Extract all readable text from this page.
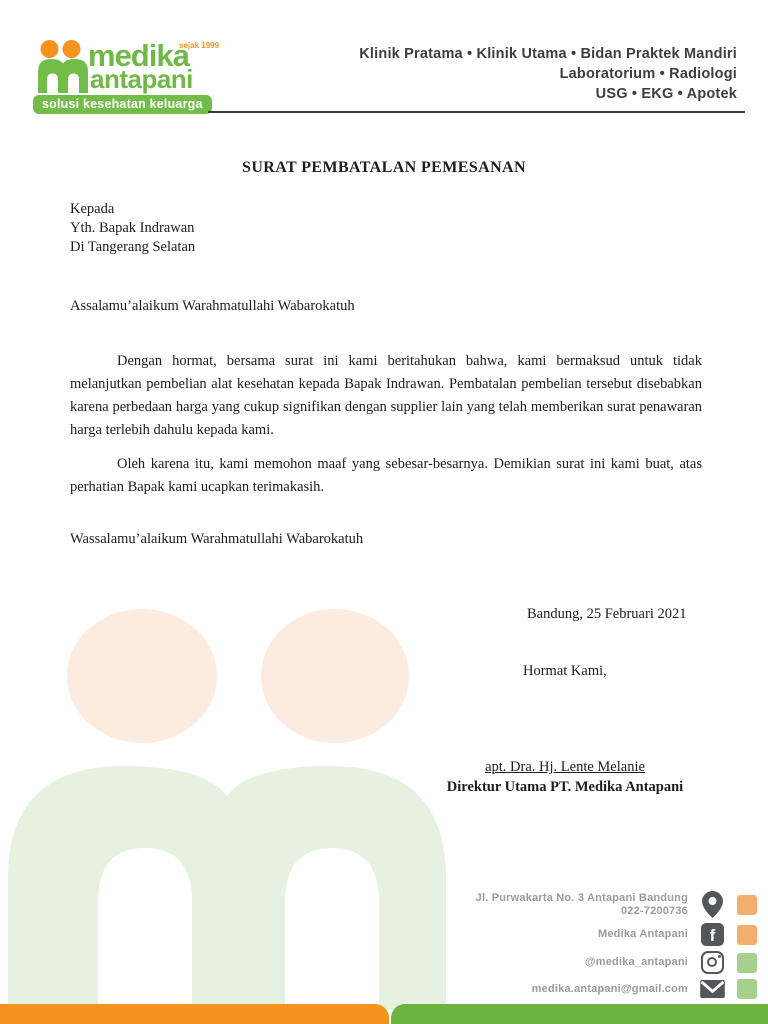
medika
antapani
sejak 1999
solusi kesehatan keluarga
Klinik Pratama • Klinik Utama • Bidan Praktek Mandiri
Laboratorium • Radiologi
USG • EKG • Apotek
SURAT PEMBATALAN PEMESANAN
Kepada
Yth. Bapak Indrawan
Di Tangerang Selatan
Assalamu’alaikum Warahmatullahi Wabarokatuh
Dengan hormat, bersama surat ini kami beritahukan bahwa, kami bermaksud untuk tidak melanjutkan pembelian alat kesehatan kepada Bapak Indrawan. Pembatalan pembelian tersebut disebabkan karena perbedaan harga yang cukup signifikan dengan supplier lain yang telah memberikan surat penawaran harga terlebih dahulu kepada kami.
Oleh karena itu, kami memohon maaf yang sebesar-besarnya. Demikian surat ini kami buat, atas perhatian Bapak kami ucapkan terimakasih.
Wassalamu’alaikum Warahmatullahi Wabarokatuh
Bandung, 25 Februari 2021
Hormat Kami,
apt. Dra. Hj. Lente Melanie
Direktur Utama PT. Medika Antapani
Jl. Purwakarta No. 3 Antapani Bandung
022-7200736
Medika Antapani f
@medika_antapani
medika.antapani@gmail.com
